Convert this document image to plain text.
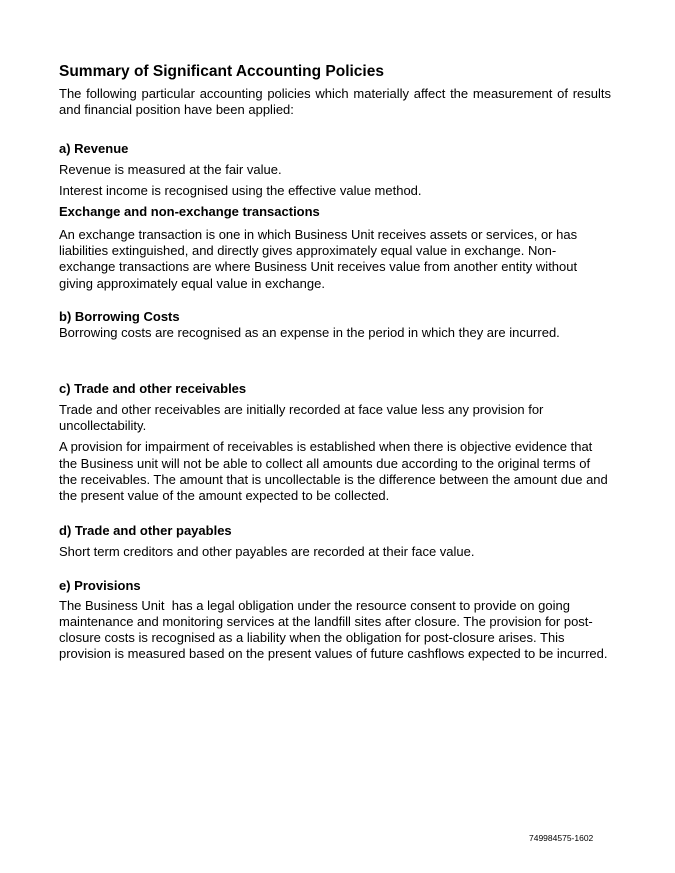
Summary of Significant Accounting Policies

The following particular accounting policies which materially affect the measurement of results and financial position have been applied:

a) Revenue

Revenue is measured at the fair value.

Interest income is recognised using the effective value method.

Exchange and non-exchange transactions

An exchange transaction is one in which Business Unit receives assets or services, or has liabilities extinguished, and directly gives approximately equal value in exchange. Non-exchange transactions are where Business Unit receives value from another entity without giving approximately equal value in exchange.

b) Borrowing Costs

Borrowing costs are recognised as an expense in the period in which they are incurred.

c) Trade and other receivables

Trade and other receivables are initially recorded at face value less any provision for uncollectability.

A provision for impairment of receivables is established when there is objective evidence that the Business unit will not be able to collect all amounts due according to the original terms of the receivables. The amount that is uncollectable is the difference between the amount due and the present value of the amount expected to be collected.

d) Trade and other payables

Short term creditors and other payables are recorded at their face value.

e) Provisions

The Business Unit  has a legal obligation under the resource consent to provide on going maintenance and monitoring services at the landfill sites after closure. The provision for post-closure costs is recognised as a liability when the obligation for post-closure arises. This provision is measured based on the present values of future cashflows expected to be incurred.

749984575-1602
